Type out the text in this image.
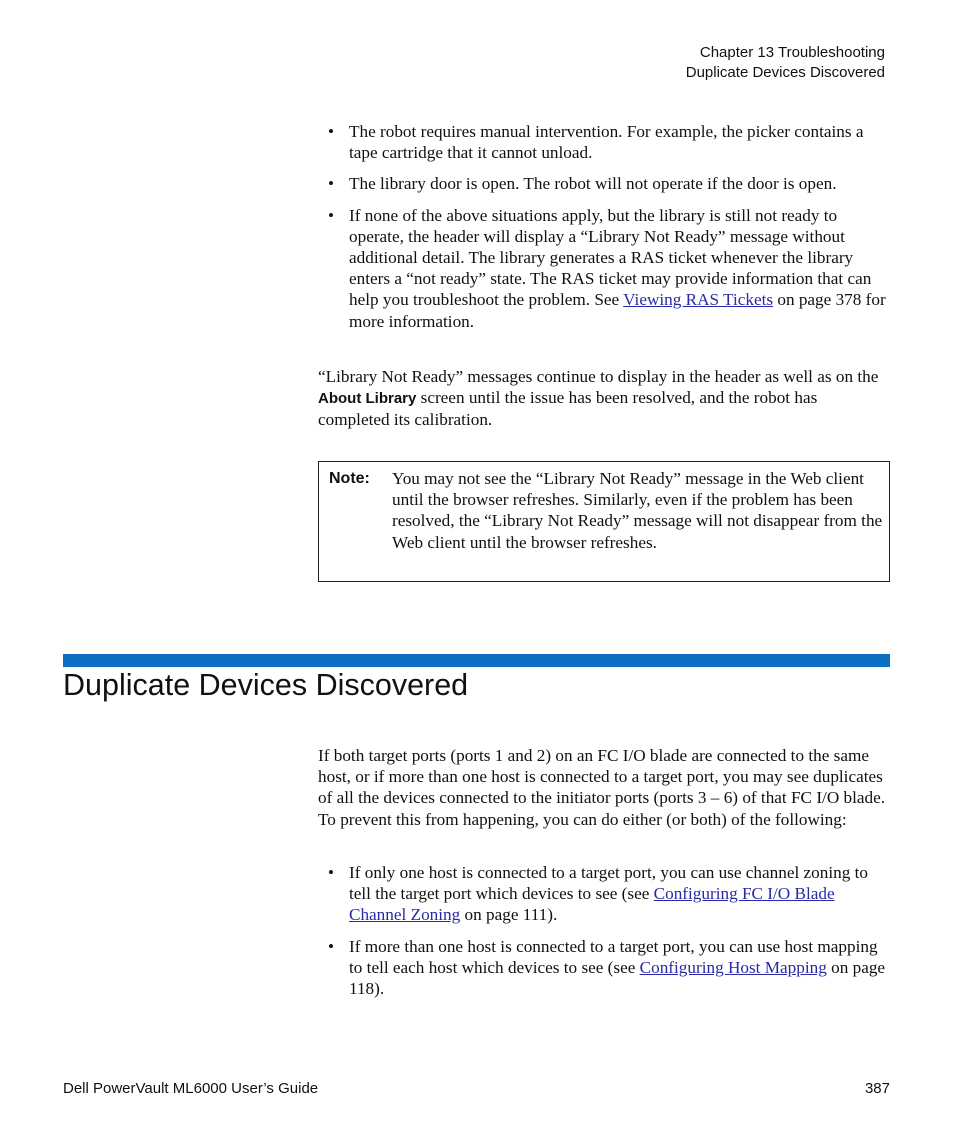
Chapter 13 Troubleshooting
Duplicate Devices Discovered
• The robot requires manual intervention. For example, the picker contains a tape cartridge that it cannot unload.
• The library door is open. The robot will not operate if the door is open.
• If none of the above situations apply, but the library is still not ready to operate, the header will display a “Library Not Ready” message without additional detail. The library generates a RAS ticket whenever the library enters a “not ready” state. The RAS ticket may provide information that can help you troubleshoot the problem. See Viewing RAS Tickets on page 378 for more information.

“Library Not Ready” messages continue to display in the header as well as on the About Library screen until the issue has been resolved, and the robot has completed its calibration.

Note: You may not see the “Library Not Ready” message in the Web client until the browser refreshes. Similarly, even if the problem has been resolved, the “Library Not Ready” message will not disappear from the Web client until the browser refreshes.
Duplicate Devices Discovered

If both target ports (ports 1 and 2) on an FC I/O blade are connected to the same host, or if more than one host is connected to a target port, you may see duplicates of all the devices connected to the initiator ports (ports 3 – 6) of that FC I/O blade. To prevent this from happening, you can do either (or both) of the following:

• If only one host is connected to a target port, you can use channel zoning to tell the target port which devices to see (see Configuring FC I/O Blade Channel Zoning on page 111).
• If more than one host is connected to a target port, you can use host mapping to tell each host which devices to see (see Configuring Host Mapping on page 118).
Dell PowerVault ML6000 User’s Guide	387
